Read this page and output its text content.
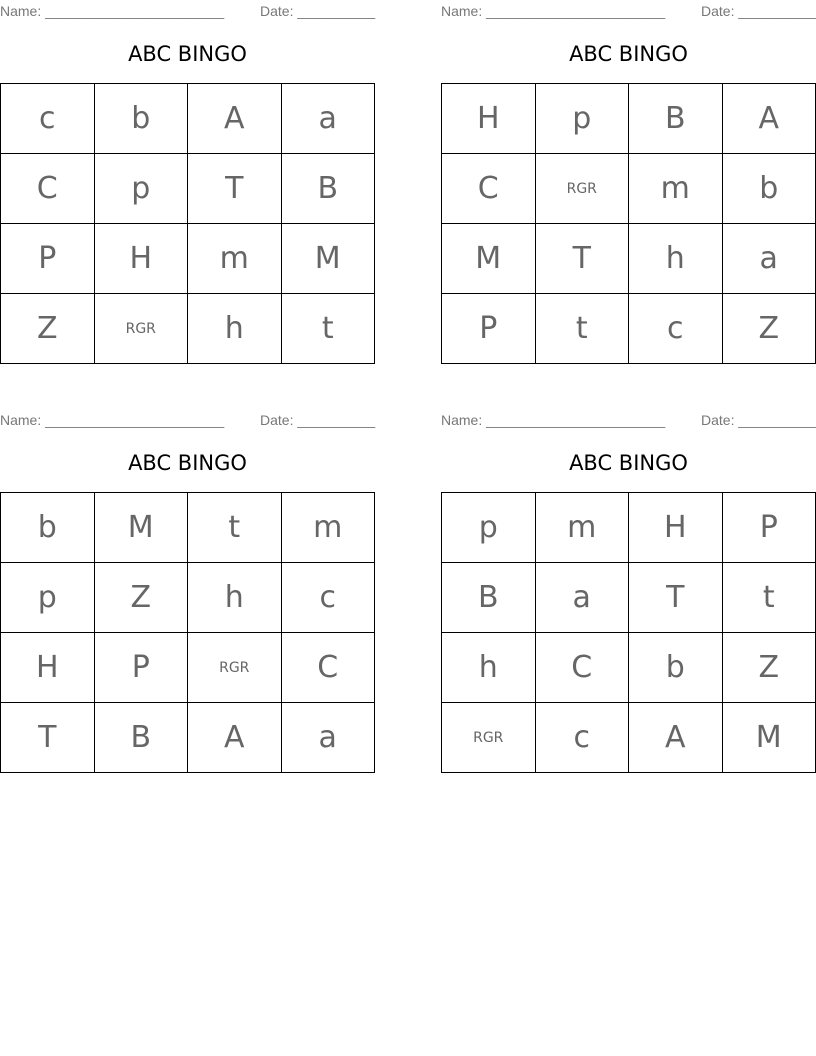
Name: _______________________	Date: __________
ABC BINGO
c	b	A	a
C	p	T	B
P	H	m	M
Z	RGR	h	t
Name: _______________________	Date: __________
ABC BINGO
H	p	B	A
C	RGR	m	b
M	T	h	a
P	t	c	Z
Name: _______________________	Date: __________
ABC BINGO
b	M	t	m
p	Z	h	c
H	P	RGR	C
T	B	A	a
Name: _______________________	Date: __________
ABC BINGO
p	m	H	P
B	a	T	t
h	C	b	Z
RGR	c	A	M
